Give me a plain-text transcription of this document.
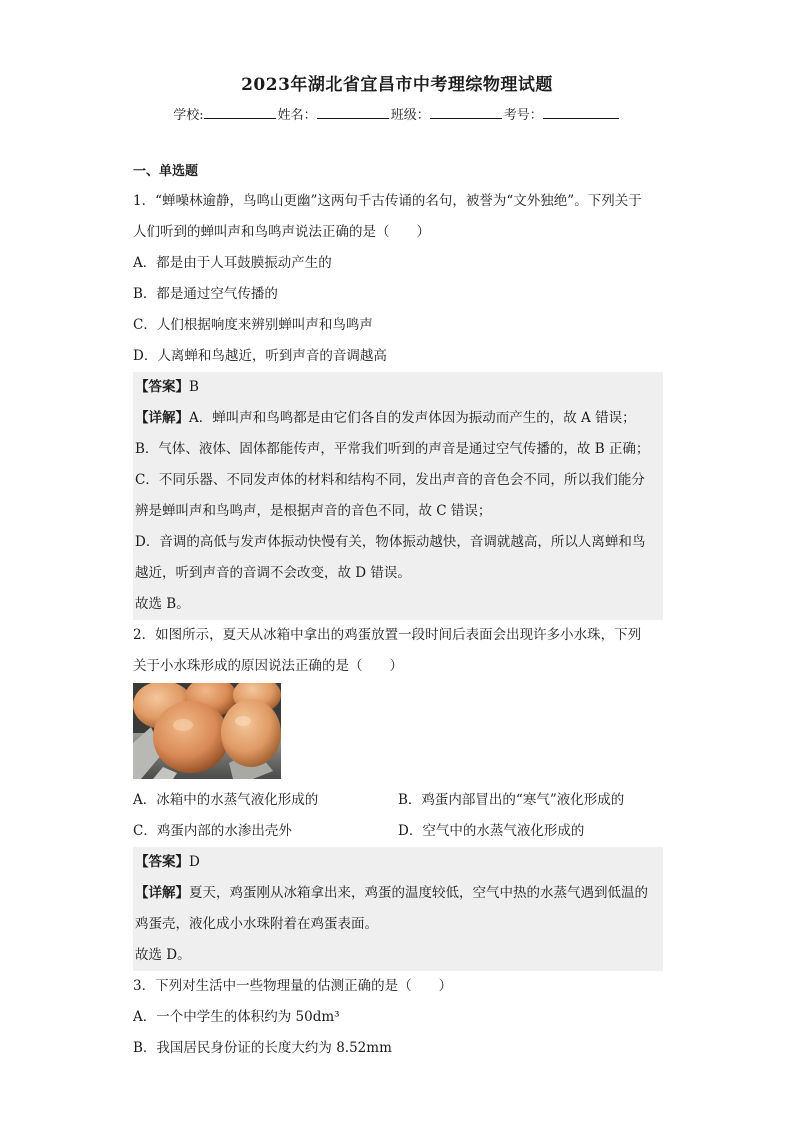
2023年湖北省宜昌市中考理综物理试题
学校:	姓名：	班级：	考号：
一、单选题
1．“蝉噪林逾静，鸟鸣山更幽”这两句千古传诵的名句，被誉为“文外独绝”。下列关于
人们听到的蝉叫声和鸟鸣声说法正确的是（　　）
A．都是由于人耳鼓膜振动产生的
B．都是通过空气传播的
C．人们根据响度来辨别蝉叫声和鸟鸣声
D．人离蝉和鸟越近，听到声音的音调越高
【答案】B
【详解】A．蝉叫声和鸟鸣都是由它们各自的发声体因为振动而产生的，故 A 错误；
B．气体、液体、固体都能传声，平常我们听到的声音是通过空气传播的，故 B 正确；
C．不同乐器、不同发声体的材料和结构不同，发出声音的音色会不同，所以我们能分
辨是蝉叫声和鸟鸣声，是根据声音的音色不同，故 C 错误；
D．音调的高低与发声体振动快慢有关，物体振动越快，音调就越高，所以人离蝉和鸟
越近，听到声音的音调不会改变，故 D 错误。
故选 B。
2．如图所示，夏天从冰箱中拿出的鸡蛋放置一段时间后表面会出现许多小水珠，下列
关于小水珠形成的原因说法正确的是（　　）
A．冰箱中的水蒸气液化形成的	B．鸡蛋内部冒出的“寒气”液化形成的
C．鸡蛋内部的水渗出壳外	D．空气中的水蒸气液化形成的
【答案】D
【详解】夏天，鸡蛋刚从冰箱拿出来，鸡蛋的温度较低，空气中热的水蒸气遇到低温的
鸡蛋壳，液化成小水珠附着在鸡蛋表面。
故选 D。
3．下列对生活中一些物理量的估测正确的是（　　）
A．一个中学生的体积约为 50dm³
B．我国居民身份证的长度大约为 8.52mm
